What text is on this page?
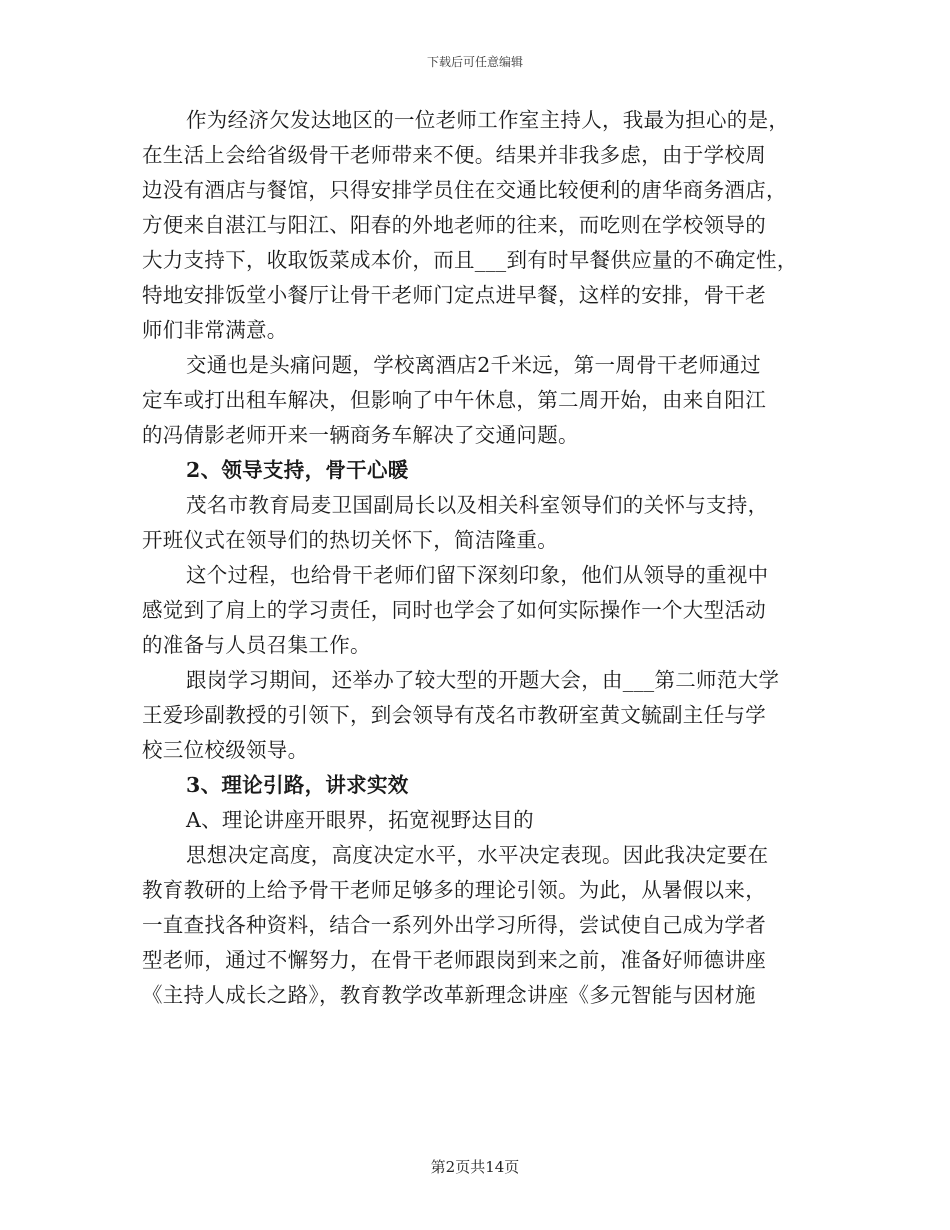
下载后可任意编辑
作为经济欠发达地区的一位老师工作室主持人，我最为担心的是，
在生活上会给省级骨干老师带来不便。结果并非我多虑，由于学校周
边没有酒店与餐馆，只得安排学员住在交通比较便利的唐华商务酒店，
方便来自湛江与阳江、阳春的外地老师的往来，而吃则在学校领导的
大力支持下，收取饭菜成本价，而且___到有时早餐供应量的不确定性，
特地安排饭堂小餐厅让骨干老师门定点进早餐，这样的安排，骨干老
师们非常满意。
交通也是头痛问题，学校离酒店2千米远，第一周骨干老师通过
定车或打出租车解决，但影响了中午休息，第二周开始，由来自阳江
的冯倩影老师开来一辆商务车解决了交通问题。
2、领导支持，骨干心暖
茂名市教育局麦卫国副局长以及相关科室领导们的关怀与支持，
开班仪式在领导们的热切关怀下，简洁隆重。
这个过程，也给骨干老师们留下深刻印象，他们从领导的重视中
感觉到了肩上的学习责任，同时也学会了如何实际操作一个大型活动
的准备与人员召集工作。
跟岗学习期间，还举办了较大型的开题大会，由___第二师范大学
王爱珍副教授的引领下，到会领导有茂名市教研室黄文毓副主任与学
校三位校级领导。
3、理论引路，讲求实效
A、理论讲座开眼界，拓宽视野达目的
思想决定高度，高度决定水平，水平决定表现。因此我决定要在
教育教研的上给予骨干老师足够多的理论引领。为此，从暑假以来，
一直查找各种资料，结合一系列外出学习所得，尝试使自己成为学者
型老师，通过不懈努力，在骨干老师跟岗到来之前，准备好师德讲座
《主持人成长之路》，教育教学改革新理念讲座《多元智能与因材施
第2页共14页
